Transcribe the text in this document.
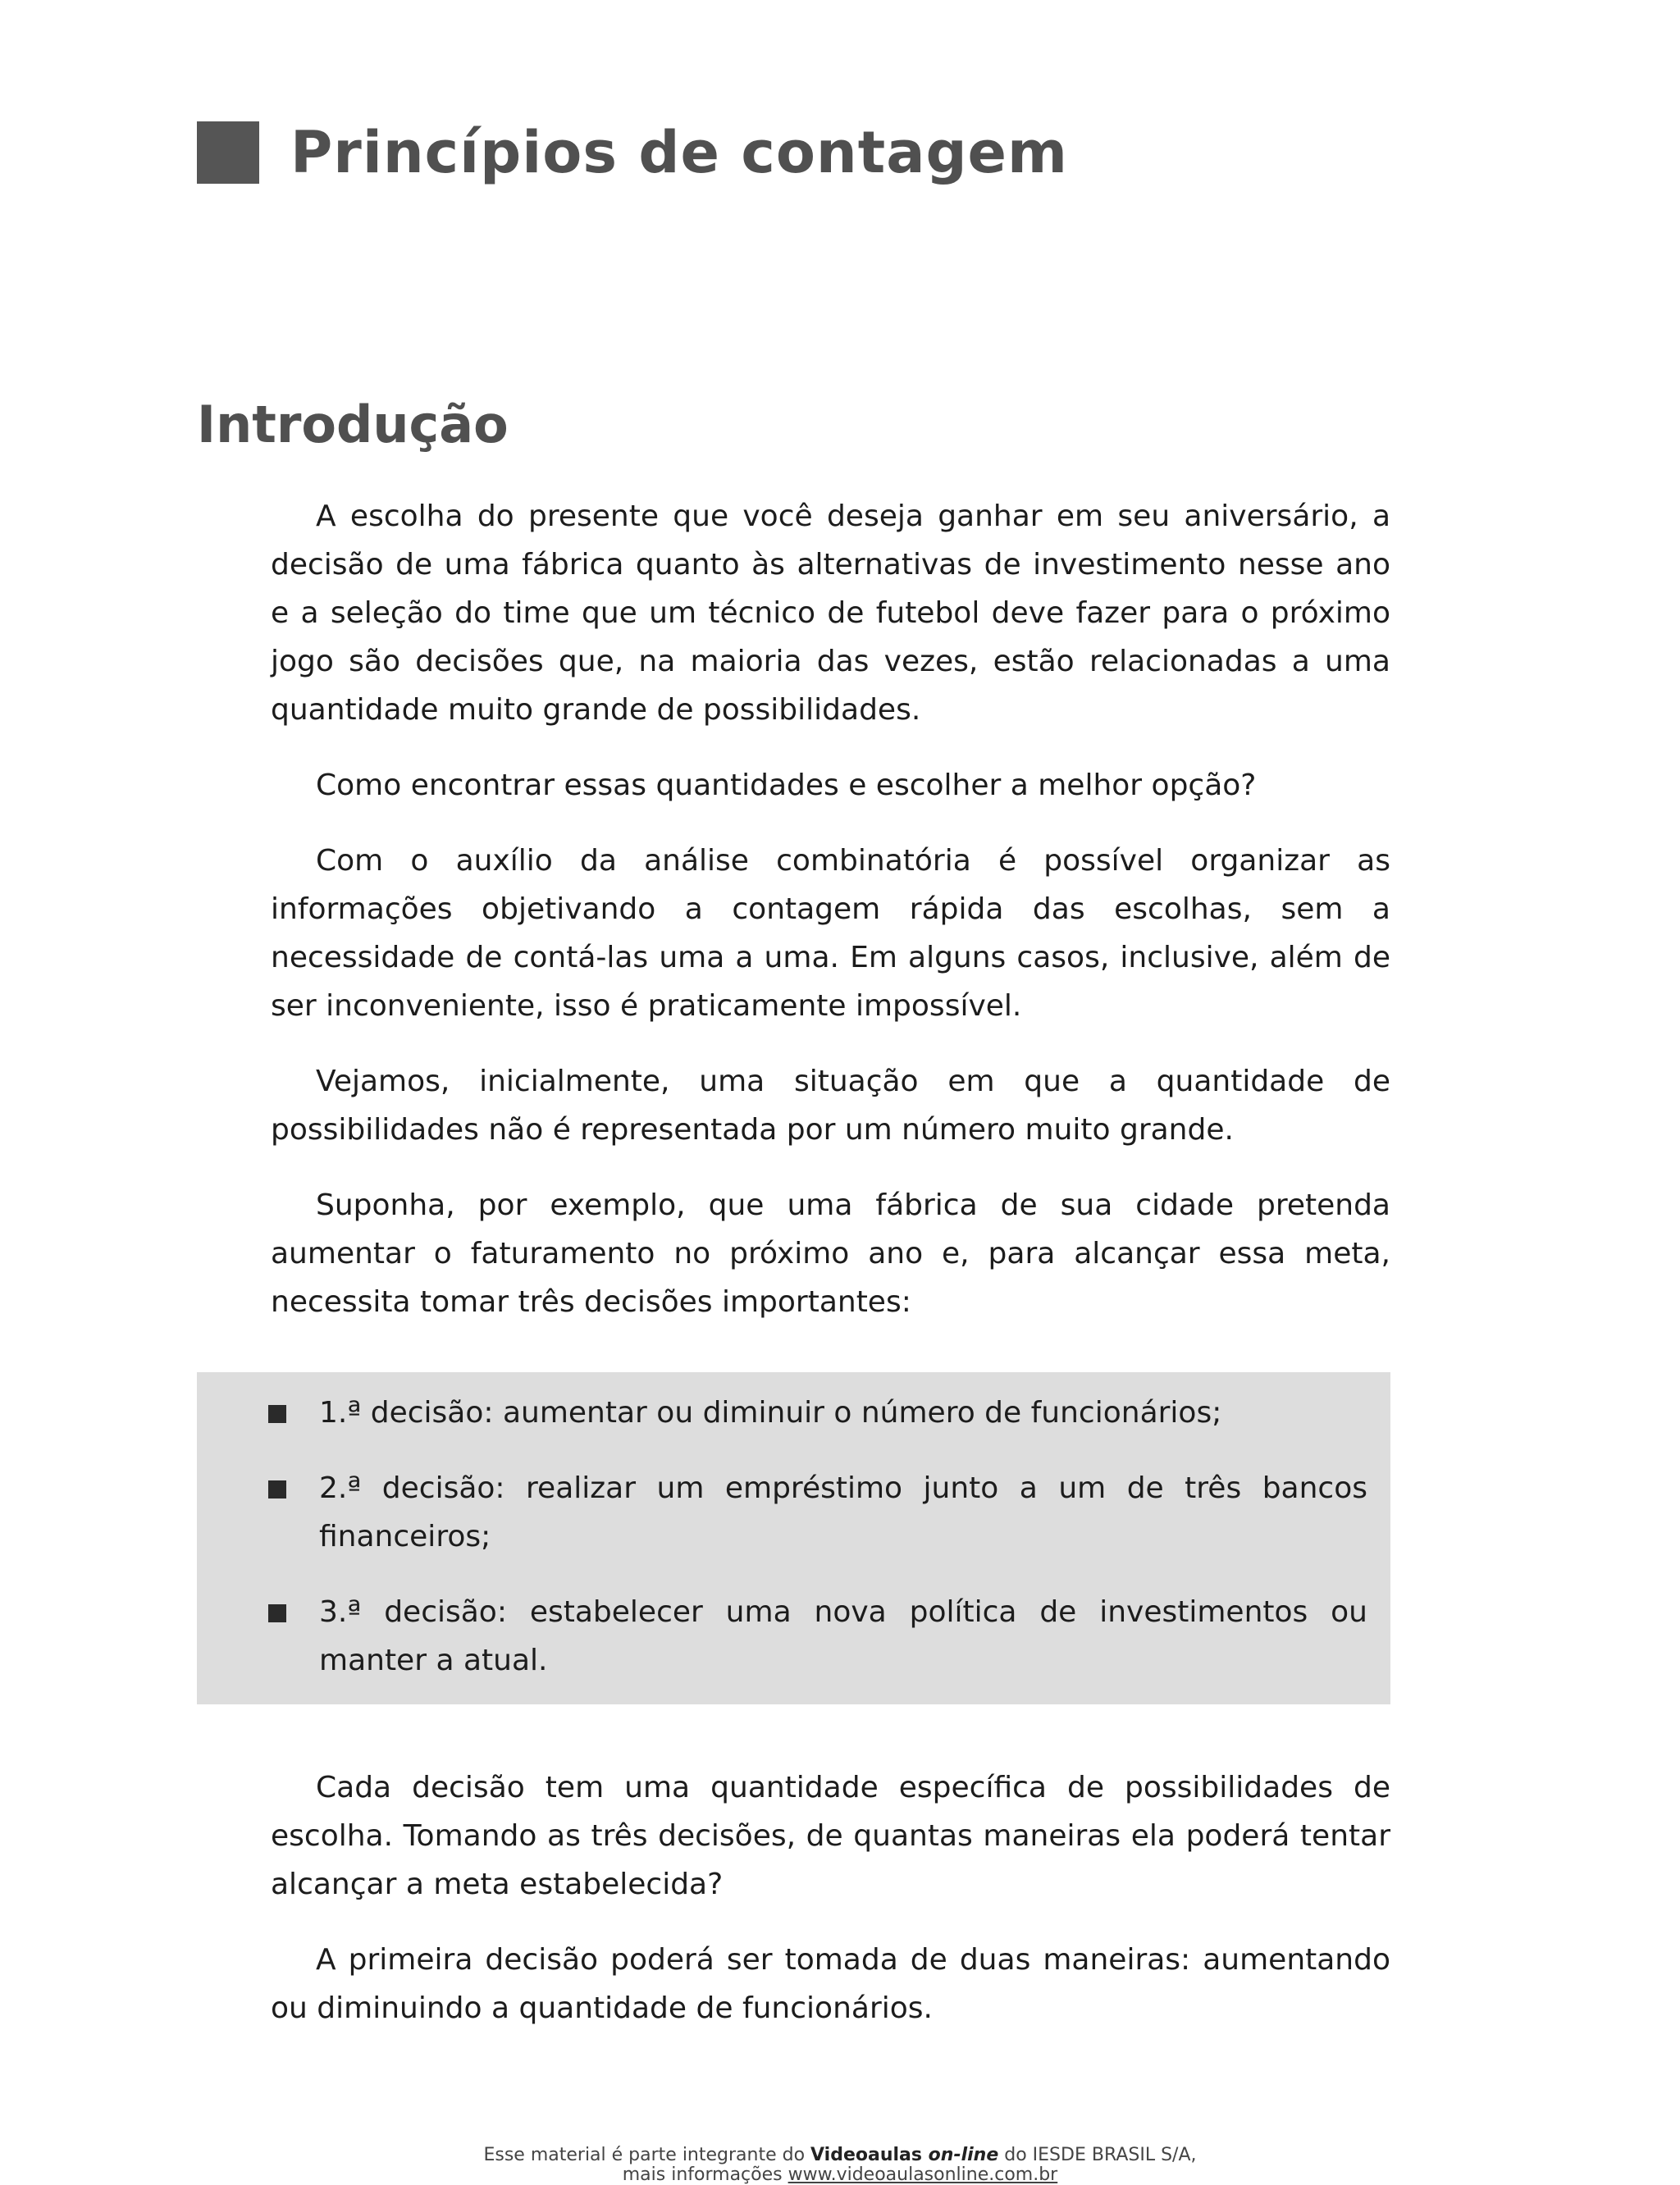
Princípios de contagem
Introdução

A escolha do presente que você deseja ganhar em seu aniversário, a decisão de uma fábrica quanto às alternativas de investimento nesse ano e a seleção do time que um técnico de futebol deve fazer para o próximo jogo são decisões que, na maioria das vezes, estão relacionadas a uma quantidade muito grande de possibilidades.

Como encontrar essas quantidades e escolher a melhor opção?

Com o auxílio da análise combinatória é possível organizar as informações objetivando a contagem rápida das escolhas, sem a necessidade de contá-las uma a uma. Em alguns casos, inclusive, além de ser inconveniente, isso é praticamente impossível.

Vejamos, inicialmente, uma situação em que a quantidade de possibilidades não é representada por um número muito grande.

Suponha, por exemplo, que uma fábrica de sua cidade pretenda aumentar o faturamento no próximo ano e, para alcançar essa meta, necessita tomar três decisões importantes:

1.ª decisão: aumentar ou diminuir o número de funcionários;
2.ª decisão: realizar um empréstimo junto a um de três bancos financeiros;
3.ª decisão: estabelecer uma nova política de investimentos ou manter a atual.

Cada decisão tem uma quantidade específica de possibilidades de escolha. Tomando as três decisões, de quantas maneiras ela poderá tentar alcançar a meta estabelecida?

A primeira decisão poderá ser tomada de duas maneiras: aumentando ou diminuindo a quantidade de funcionários.

Esse material é parte integrante do Videoaulas on-line do IESDE BRASIL S/A,
mais informações www.videoaulasonline.com.br
